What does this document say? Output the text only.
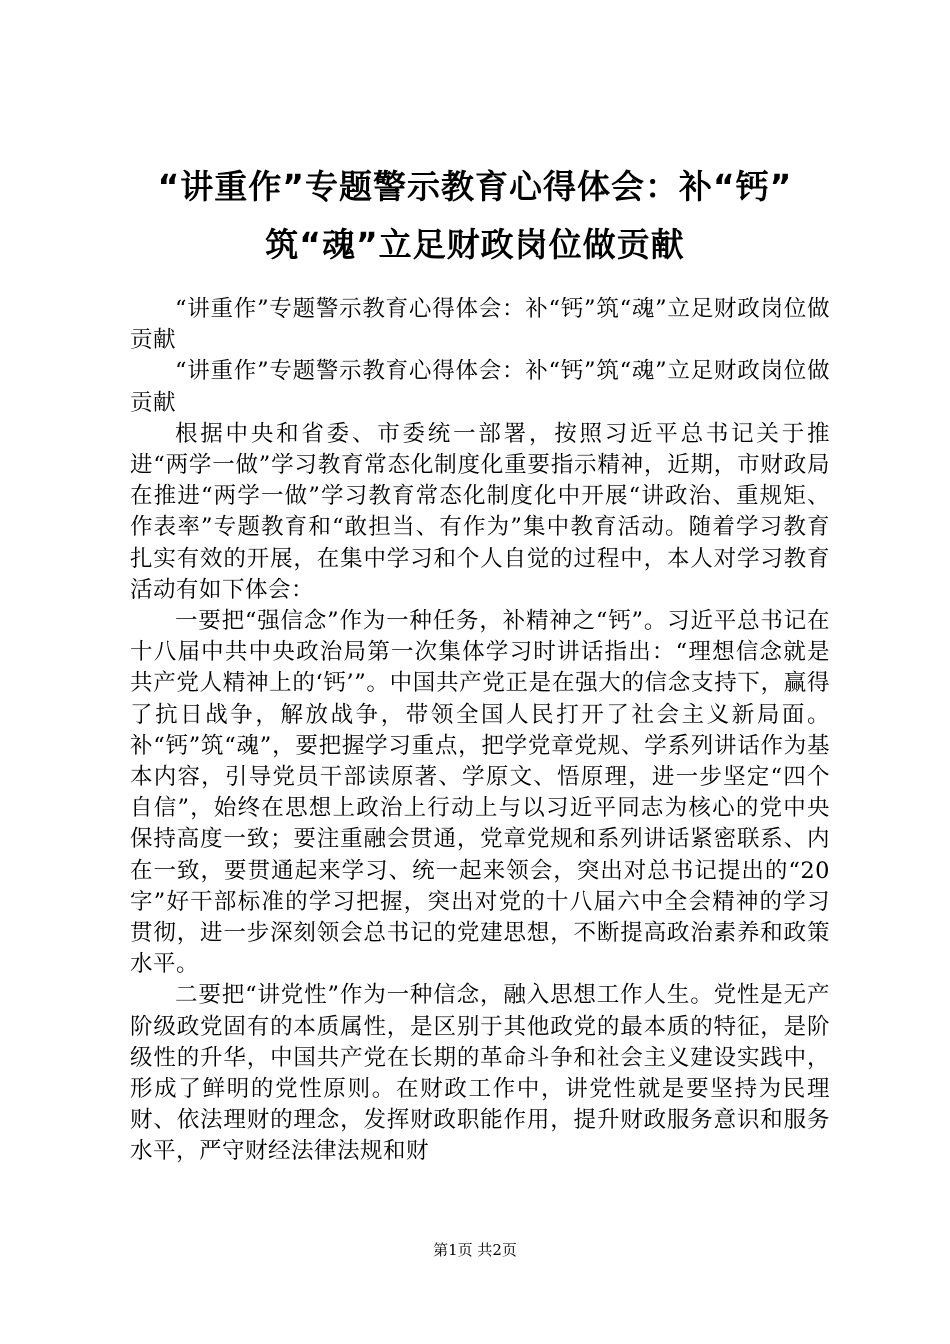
“讲重作”专题警示教育心得体会：补“钙”
筑“魂”立足财政岗位做贡献

“讲重作”专题警示教育心得体会：补“钙”筑“魂”立足财政岗位做贡献

“讲重作”专题警示教育心得体会：补“钙”筑“魂”立足财政岗位做贡献

根据中央和省委、市委统一部署，按照习近平总书记关于推进“两学一做”学习教育常态化制度化重要指示精神，近期，市财政局在推进“两学一做”学习教育常态化制度化中开展“讲政治、重规矩、作表率”专题教育和“敢担当、有作为”集中教育活动。随着学习教育扎实有效的开展，在集中学习和个人自觉的过程中，本人对学习教育活动有如下体会：

一要把“强信念”作为一种任务，补精神之“钙”。习近平总书记在十八届中共中央政治局第一次集体学习时讲话指出：“理想信念就是共产党人精神上的‘钙’”。中国共产党正是在强大的信念支持下，赢得了抗日战争，解放战争，带领全国人民打开了社会主义新局面。补“钙”筑“魂”，要把握学习重点，把学党章党规、学系列讲话作为基本内容，引导党员干部读原著、学原文、悟原理，进一步坚定“四个自信”，始终在思想上政治上行动上与以习近平同志为核心的党中央保持高度一致；要注重融会贯通，党章党规和系列讲话紧密联系、内在一致，要贯通起来学习、统一起来领会，突出对总书记提出的“20字”好干部标准的学习把握，突出对党的十八届六中全会精神的学习贯彻，进一步深刻领会总书记的党建思想，不断提高政治素养和政策水平。

二要把“讲党性”作为一种信念，融入思想工作人生。党性是无产阶级政党固有的本质属性，是区别于其他政党的最本质的特征，是阶级性的升华，中国共产党在长期的革命斗争和社会主义建设实践中，形成了鲜明的党性原则。在财政工作中，讲党性就是要坚持为民理财、依法理财的理念，发挥财政职能作用，提升财政服务意识和服务水平，严守财经法律法规和财

第1页 共2页
